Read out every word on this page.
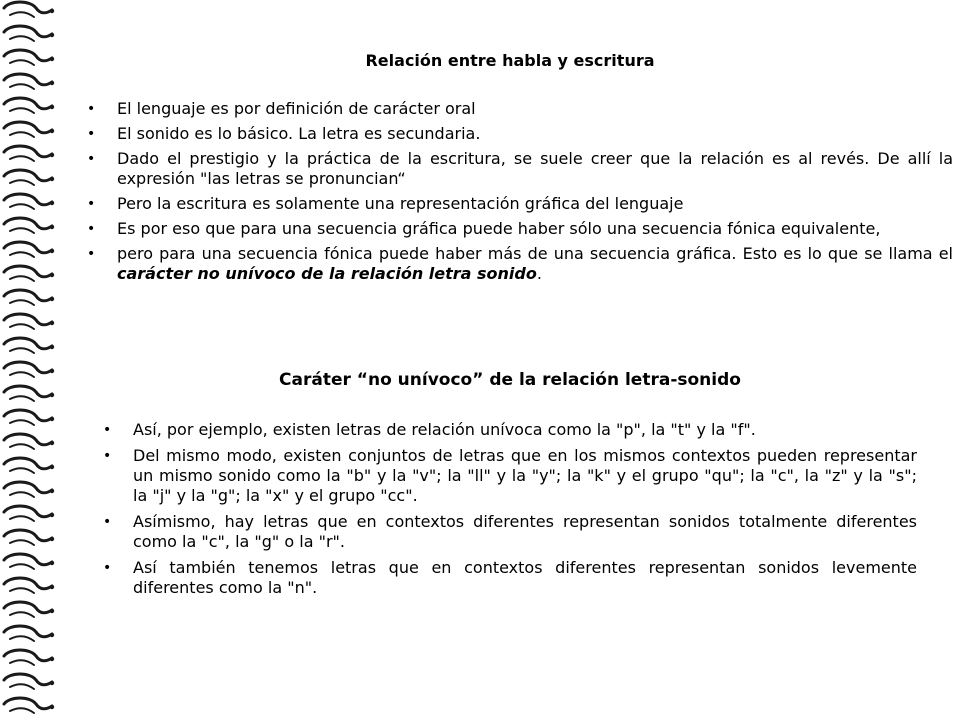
Relación entre habla y escritura
• El lenguaje es por definición de carácter oral
• El sonido es lo básico. La letra es secundaria.
• Dado el prestigio y la práctica de la escritura, se suele creer que la relación es al revés. De allí la expresión "las letras se pronuncian“
• Pero la escritura es solamente una representación gráfica del lenguaje
• Es por eso que para una secuencia gráfica puede haber sólo una secuencia fónica equivalente,
• pero para una secuencia fónica puede haber más de una secuencia gráfica. Esto es lo que se llama el carácter no unívoco de la relación letra sonido.
Caráter “no unívoco” de la relación letra-sonido
• Así, por ejemplo, existen letras de relación unívoca como la "p", la "t" y la "f".
• Del mismo modo, existen conjuntos de letras que en los mismos contextos pueden representar un mismo sonido como la "b" y la "v"; la "ll" y la "y"; la "k" y el grupo "qu"; la "c", la "z" y la "s"; la "j" y la "g"; la "x" y el grupo "cc".
• Asímismo, hay letras que en contextos diferentes representan sonidos totalmente diferentes como la "c", la "g" o la "r".
• Así también tenemos letras que en contextos diferentes representan sonidos levemente diferentes como la "n".
